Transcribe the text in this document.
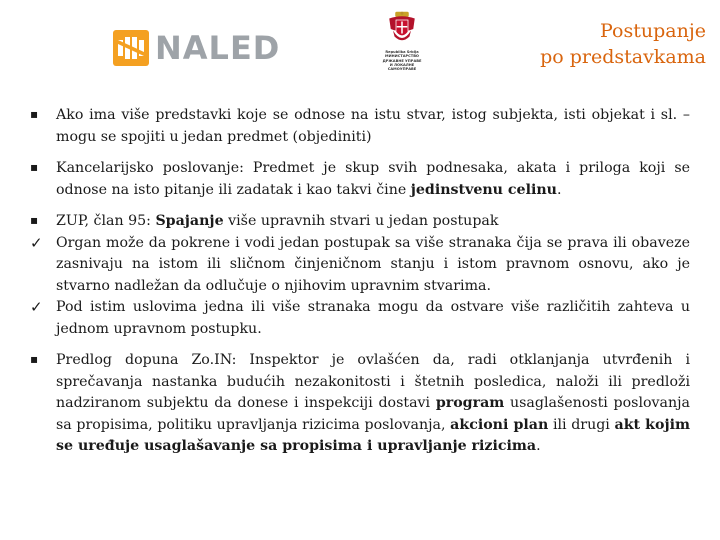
NALED	Republika Srbija
МИНИСТАРСТВО
ДРЖАВНЕ УПРАВЕ
И ЛОКАЛНЕ
САМОУПРАВЕ
Postupanje
po predstavkama
▪
Ako ima više predstavki koje se odnose na istu stvar, istog subjekta, isti objekat i sl. – mogu se spojiti u jedan predmet (objediniti)
▪
Kancelarijsko poslovanje: Predmet je skup svih podnesaka, akata i priloga koji se odnose na isto pitanje ili zadatak i kao takvi čine jedinstvenu celinu.
▪
ZUP, član 95: Spajanje više upravnih stvari u jedan postupak
✓ Organ može da pokrene i vodi jedan postupak sa više stranaka čija se prava ili obaveze zasnivaju na istom ili sličnom činjeničnom stanju i istom pravnom osnovu, ako je stvarno nadležan da odlučuje o njihovim upravnim stvarima.
✓ Pod istim uslovima jedna ili više stranaka mogu da ostvare više različitih zahteva u jednom upravnom postupku.
▪
Predlog dopuna Zo.IN: Inspektor je ovlašćen da, radi otklanjanja utvrđenih i sprečavanja nastanka budućih nezakonitosti i štetnih posledica, naloži ili predloži nadziranom subjektu da donese i inspekciji dostavi program usaglašenosti poslovanja sa propisima, politiku upravljanja rizicima poslovanja, akcioni plan ili drugi akt kojim se uređuje usaglašavanje sa propisima i upravljanje rizicima.
